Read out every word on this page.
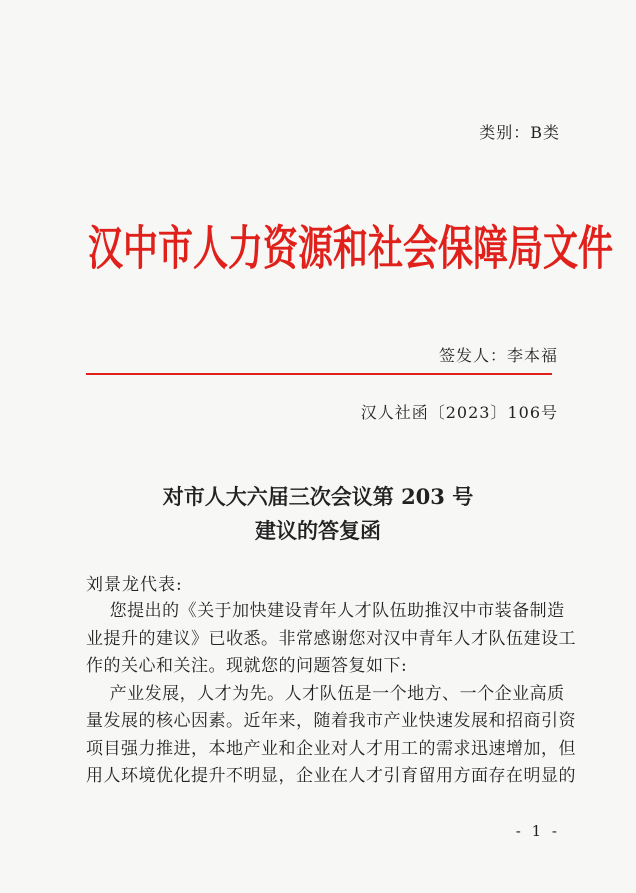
类别：B类
汉中市人力资源和社会保障局文件
签发人：李本福
汉人社函〔2023〕106号
对市人大六届三次会议第 203 号
建议的答复函
刘景龙代表:
您提出的《关于加快建设青年人才队伍助推汉中市装备制造
业提升的建议》已收悉。非常感谢您对汉中青年人才队伍建设工
作的关心和关注。现就您的问题答复如下:
产业发展，人才为先。人才队伍是一个地方、一个企业高质
量发展的核心因素。近年来，随着我市产业快速发展和招商引资
项目强力推进，本地产业和企业对人才用工的需求迅速增加，但
用人环境优化提升不明显，企业在人才引育留用方面存在明显的
- 1 -
